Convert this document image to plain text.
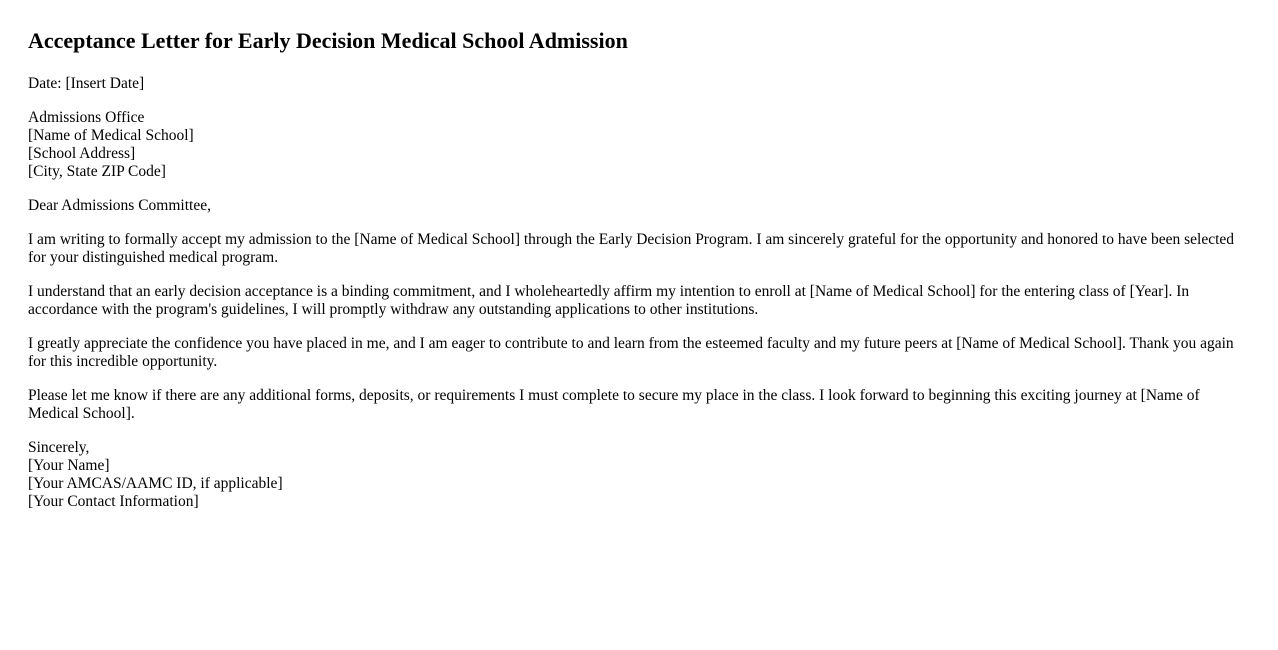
Acceptance Letter for Early Decision Medical School Admission

Date: [Insert Date]

Admissions Office
[Name of Medical School]
[School Address]
[City, State ZIP Code]

Dear Admissions Committee,

I am writing to formally accept my admission to the [Name of Medical School] through the Early Decision Program. I am sincerely grateful for the opportunity and honored to have been selected for your distinguished medical program.

I understand that an early decision acceptance is a binding commitment, and I wholeheartedly affirm my intention to enroll at [Name of Medical School] for the entering class of [Year]. In accordance with the program's guidelines, I will promptly withdraw any outstanding applications to other institutions.

I greatly appreciate the confidence you have placed in me, and I am eager to contribute to and learn from the esteemed faculty and my future peers at [Name of Medical School]. Thank you again for this incredible opportunity.

Please let me know if there are any additional forms, deposits, or requirements I must complete to secure my place in the class. I look forward to beginning this exciting journey at [Name of Medical School].

Sincerely,
[Your Name]
[Your AMCAS/AAMC ID, if applicable]
[Your Contact Information]
